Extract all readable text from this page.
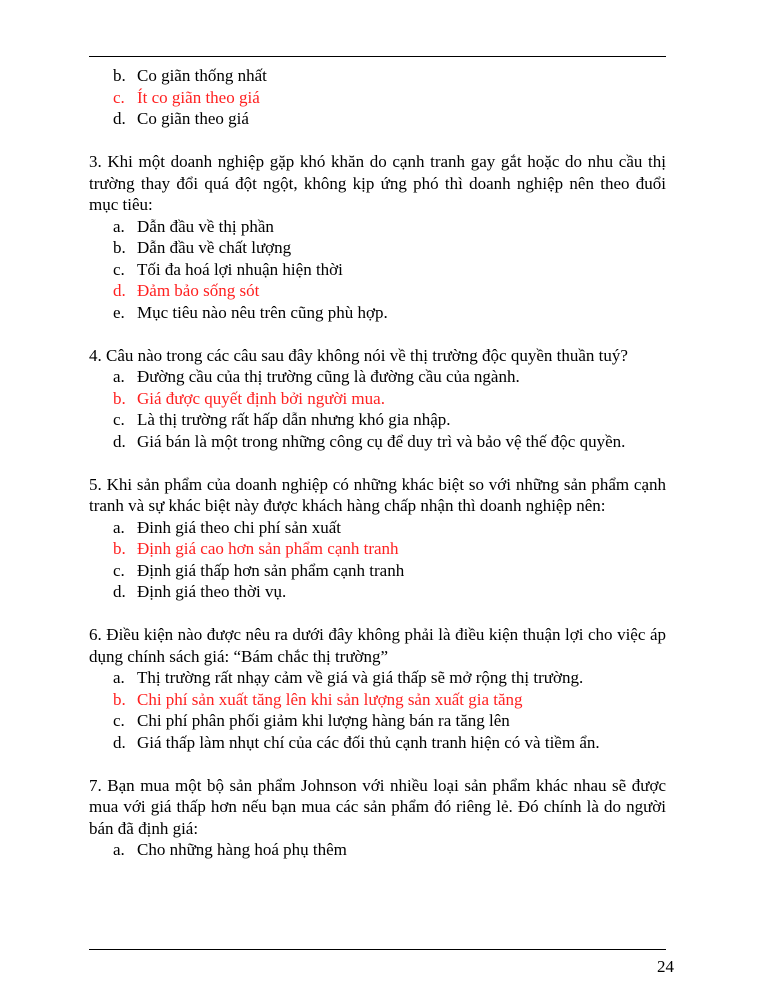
b. Co giãn thống nhất
c. Ít co giãn theo giá
d. Co giãn theo giá

3. Khi một doanh nghiệp gặp khó khăn do cạnh tranh gay gắt hoặc do nhu cầu thị trường thay đổi quá đột ngột, không kịp ứng phó thì doanh nghiệp nên theo đuổi mục tiêu:

a. Dẫn đầu về thị phần
b. Dẫn đầu về chất lượng
c. Tối đa hoá lợi nhuận hiện thời
d. Đảm bảo sống sót
e. Mục tiêu nào nêu trên cũng phù hợp.

4. Câu nào trong các câu sau đây không nói về thị trường độc quyền thuần tuý?

a. Đường cầu của thị trường cũng là đường cầu của ngành.
b. Giá được quyết định bởi người mua.
c. Là thị trường rất hấp dẫn nhưng khó gia nhập.
d. Giá bán là một trong những công cụ để duy trì và bảo vệ thế độc quyền.

5. Khi sản phẩm của doanh nghiệp có những khác biệt so với những sản phẩm cạnh tranh và sự khác biệt này được khách hàng chấp nhận thì doanh nghiệp nên:

a. Đinh giá theo chi phí sản xuất
b. Định giá cao hơn sản phẩm cạnh tranh
c. Định giá thấp hơn sản phẩm cạnh tranh
d. Định giá theo thời vụ.

6. Điều kiện nào được nêu ra dưới đây không phải là điều kiện thuận lợi cho việc áp dụng chính sách giá: “Bám chắc thị trường”

a. Thị trường rất nhạy cảm về giá và giá thấp sẽ mở rộng thị trường.
b. Chi phí sản xuất tăng lên khi sản lượng sản xuất gia tăng
c. Chi phí phân phối giảm khi lượng hàng bán ra tăng lên
d. Giá thấp làm nhụt chí của các đối thủ cạnh tranh hiện có và tiềm ẩn.

7. Bạn mua một bộ sản phẩm Johnson với nhiều loại sản phẩm khác nhau sẽ được mua với giá thấp hơn nếu bạn mua các sản phẩm đó riêng lẻ. Đó chính là do người bán đã định giá:

a. Cho những hàng hoá phụ thêm
24
